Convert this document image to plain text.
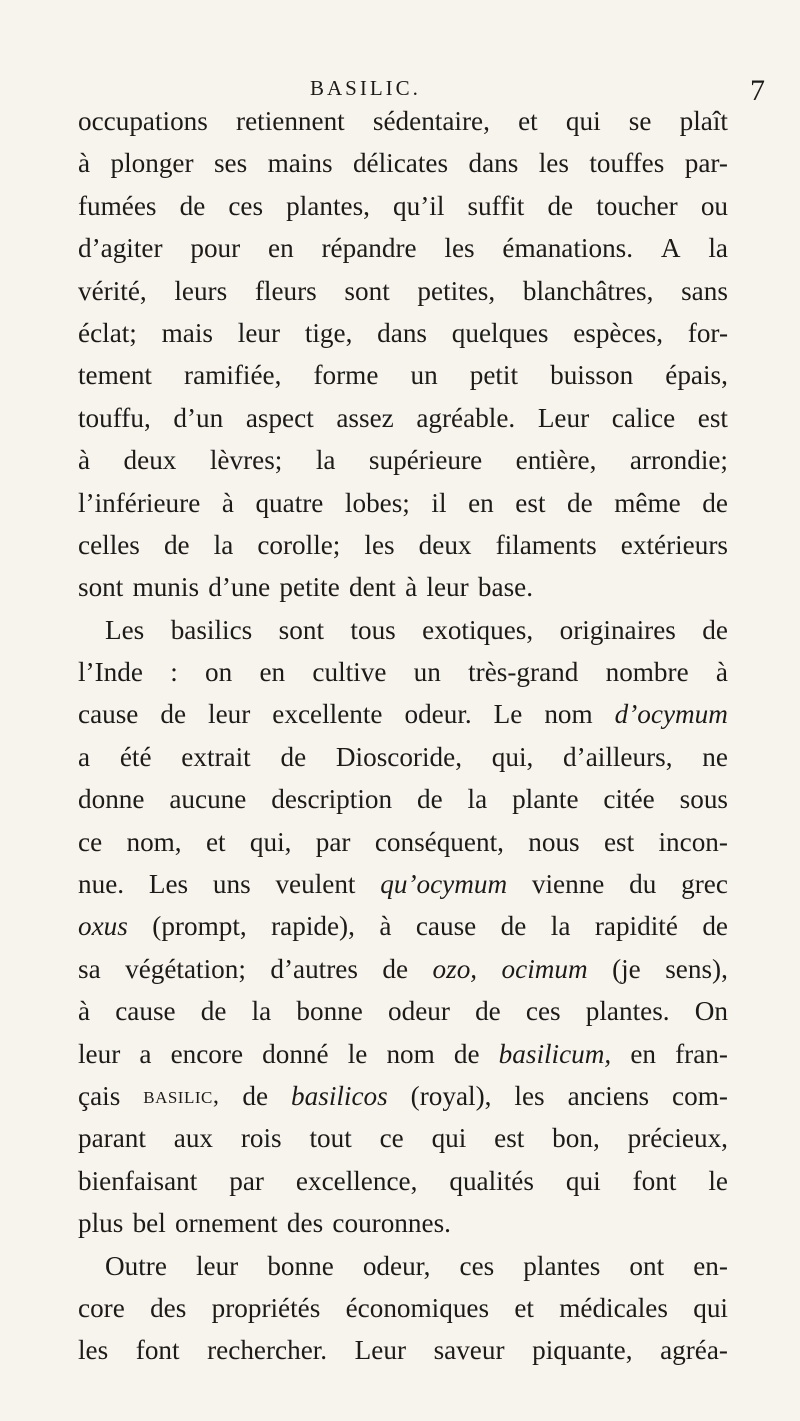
BASILIC.	7
occupations retiennent sédentaire, et qui se plaît
à plonger ses mains délicates dans les touffes par-
fumées de ces plantes, qu’il suffit de toucher ou
d’agiter pour en répandre les émanations. A la
vérité, leurs fleurs sont petites, blanchâtres, sans
éclat; mais leur tige, dans quelques espèces, for-
tement ramifiée, forme un petit buisson épais,
touffu, d’un aspect assez agréable. Leur calice est
à deux lèvres; la supérieure entière, arrondie;
l’inférieure à quatre lobes; il en est de même de
celles de la corolle; les deux filaments extérieurs
sont munis d’une petite dent à leur base.
Les basilics sont tous exotiques, originaires de
l’Inde : on en cultive un très-grand nombre à
cause de leur excellente odeur. Le nom d’ocymum
a été extrait de Dioscoride, qui, d’ailleurs, ne
donne aucune description de la plante citée sous
ce nom, et qui, par conséquent, nous est incon-
nue. Les uns veulent qu’ocymum vienne du grec
oxus (prompt, rapide), à cause de la rapidité de
sa végétation; d’autres de ozo, ocimum (je sens),
à cause de la bonne odeur de ces plantes. On
leur a encore donné le nom de basilicum, en fran-
çais basilic, de basilicos (royal), les anciens com-
parant aux rois tout ce qui est bon, précieux,
bienfaisant par excellence, qualités qui font le
plus bel ornement des couronnes.
Outre leur bonne odeur, ces plantes ont en-
core des propriétés économiques et médicales qui
les font rechercher. Leur saveur piquante, agréa-
